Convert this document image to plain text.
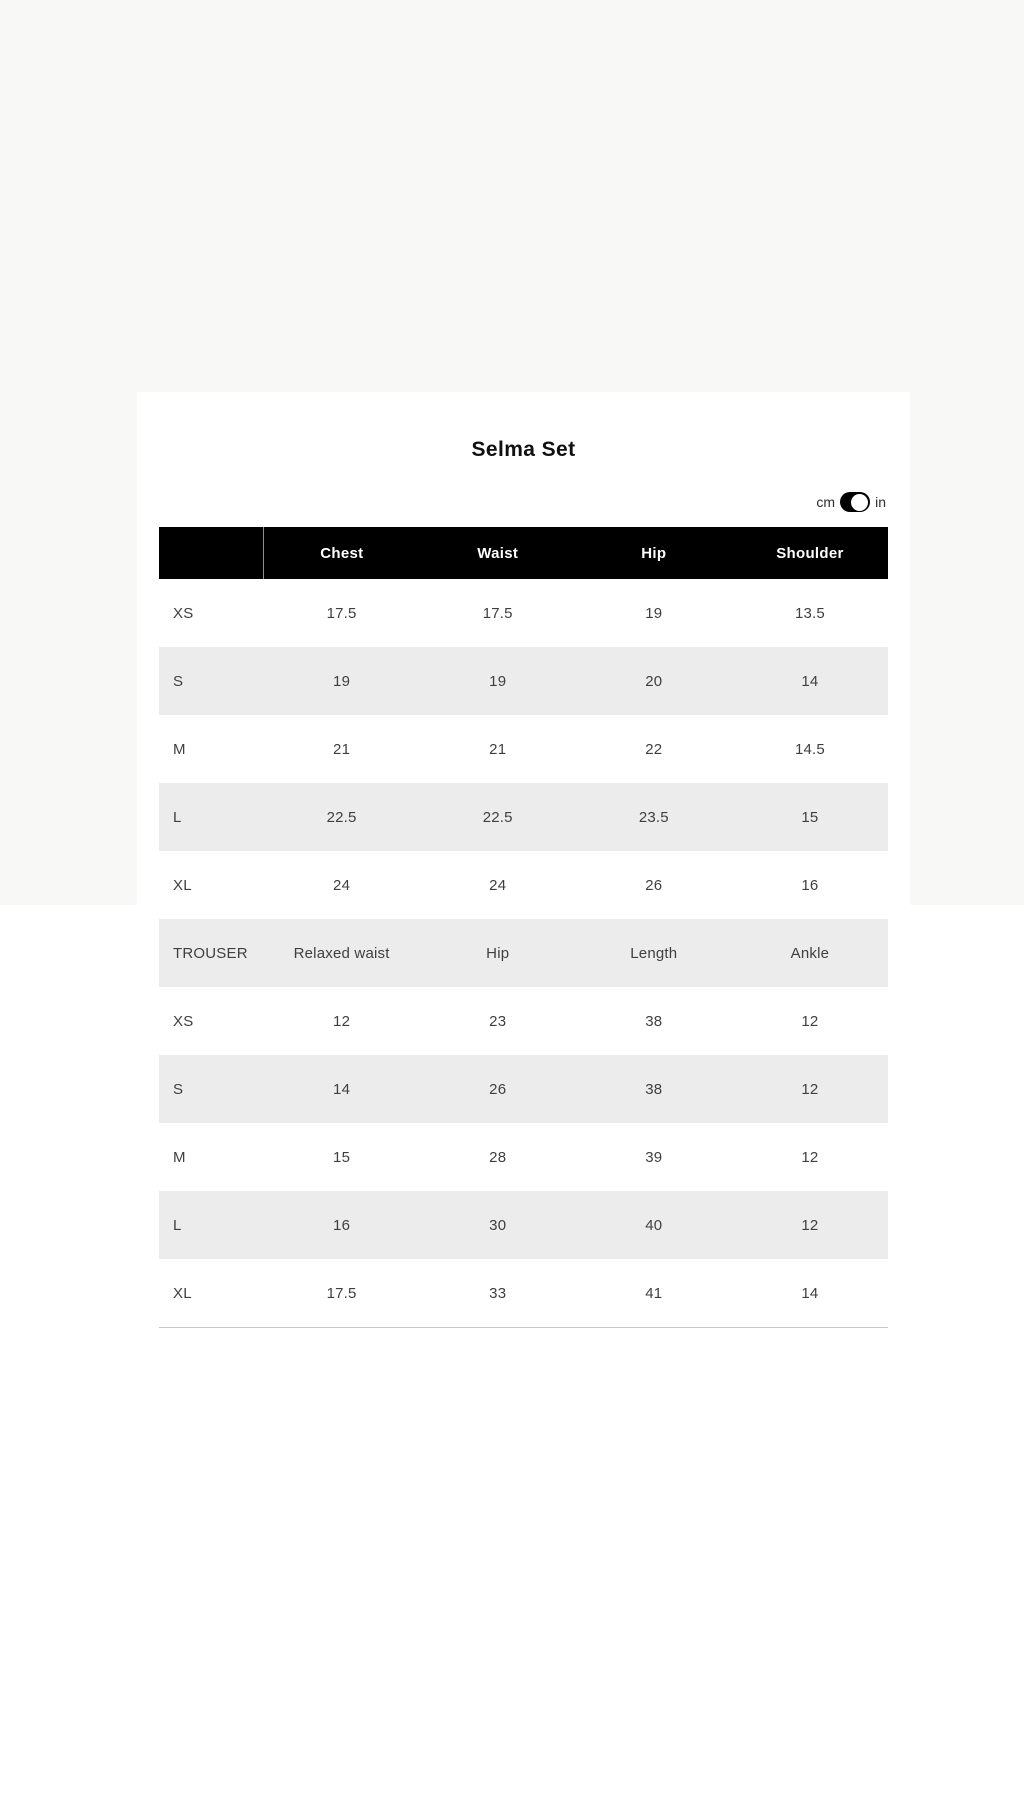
Selma Set
cm	in
	Chest	Waist	Hip	Shoulder
XS	17.5	17.5	19	13.5
S	19	19	20	14
M	21	21	22	14.5
L	22.5	22.5	23.5	15
XL	24	24	26	16
TROUSER	Relaxed waist	Hip	Length	Ankle
XS	12	23	38	12
S	14	26	38	12
M	15	28	39	12
L	16	30	40	12
XL	17.5	33	41	14
